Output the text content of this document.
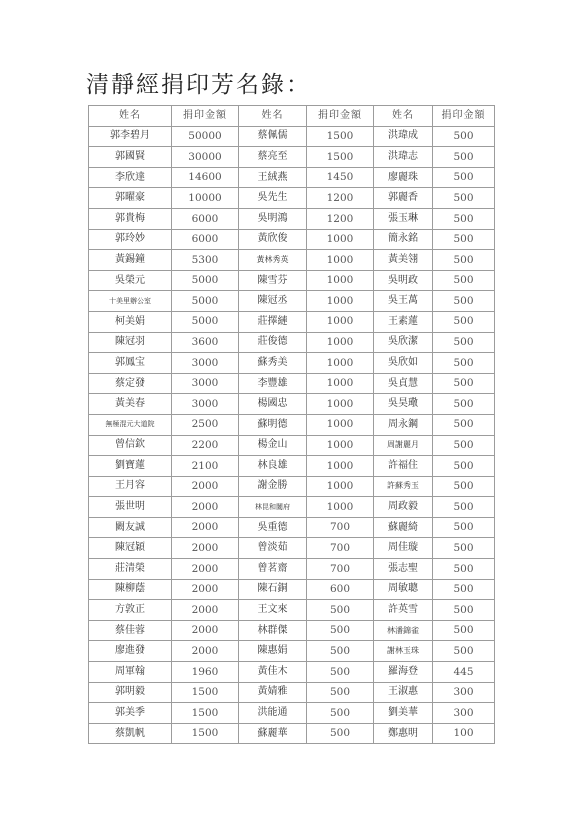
清靜經捐印芳名錄：
姓名	捐印金額	姓名	捐印金額	姓名	捐印金額
郭李碧月	50000	蔡佩儒	1500	洪瑋成	500
郭國賢	30000	蔡亮至	1500	洪瑋志	500
李欣達	14600	王絨燕	1450	廖麗珠	500
郭曜豪	10000	吳先生	1200	郭麗香	500
郭貴梅	6000	吳明鴻	1200	張玉琳	500
郭玲妙	6000	黃欣俊	1000	簡永銘	500
黃錫鐘	5300	黃林秀英	1000	黃美翎	500
吳榮元	5000	陳雪芬	1000	吳明政	500
十美里辦公室	5000	陳冠丞	1000	吳王萬	500
柯美娟	5000	莊擇縺	1000	王素蓮	500
陳冠羽	3600	莊俊德	1000	吳欣潔	500
郭鳳宝	3000	蘇秀美	1000	吳欣如	500
蔡定發	3000	李豐雄	1000	吳貞慧	500
黃美春	3000	楊國忠	1000	吳昊璥	500
無極混元大道院	2500	蘇明德	1000	周永鋼	500
曾信欽	2200	楊金山	1000	周謝麗月	500
劉寶蓮	2100	林良雄	1000	許福住	500
王月容	2000	謝金勝	1000	許蘇秀玉	500
張世明	2000	林昆和闔府	1000	周政毅	500
闕友誠	2000	吳重德	700	蘇麗綺	500
陳冠穎	2000	曾淡茹	700	周佳璇	500
莊清榮	2000	曾茗齋	700	張志聖	500
陳柳蔭	2000	陳石銅	600	周敏聰	500
方敦正	2000	王文來	500	許英雪	500
蔡佳蓉	2000	林群傑	500	林潘錦雀	500
廖進發	2000	陳惠娟	500	謝林玉珠	500
周軍翰	1960	黃佳木	500	羅海登	445
郭明毅	1500	黃婧雅	500	王淑惠	300
郭美季	1500	洪能通	500	劉美華	300
蔡凱帆	1500	蘇麗華	500	鄭惠明	100
